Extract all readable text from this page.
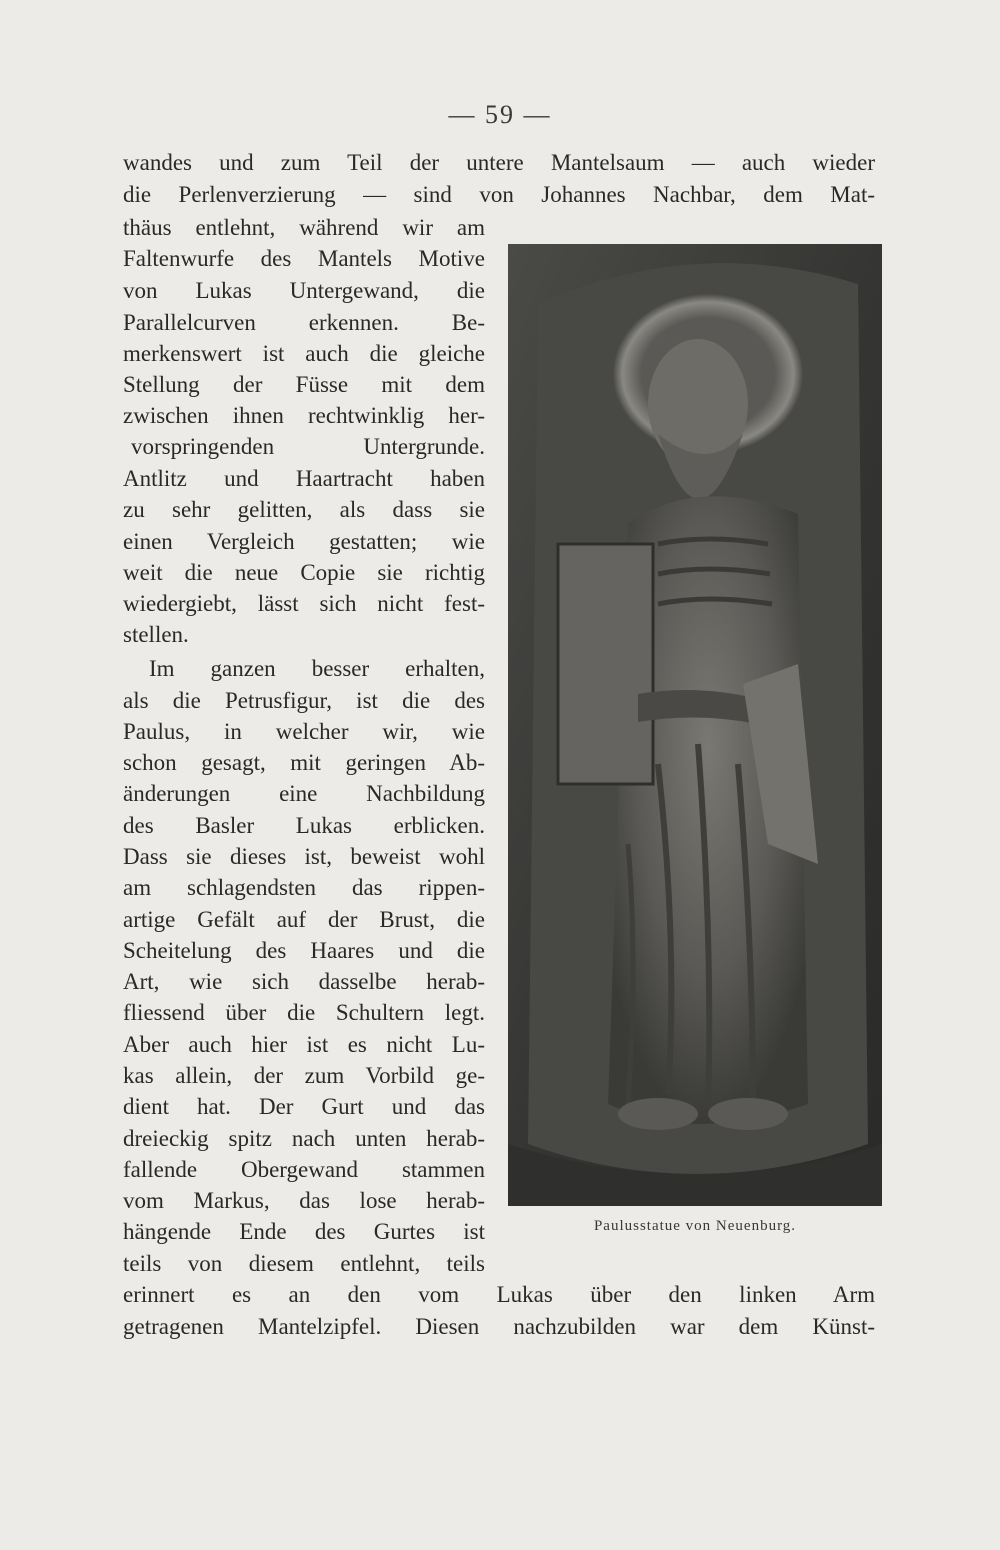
— 59 —
wandes und zum Teil der untere Mantelsaum — auch wieder
die Perlenverzierung — sind von Johannes Nachbar, dem Mat-
thäus entlehnt, während wir am
Faltenwurfe des Mantels Motive
von Lukas Untergewand, die
Parallelcurven erkennen. Be-
merkenswert ist auch die gleiche
Stellung der Füsse mit dem
zwischen ihnen rechtwinklig her-
vorspringenden Untergrunde.
Antlitz und Haartracht haben
zu sehr gelitten, als dass sie
einen Vergleich gestatten; wie
weit die neue Copie sie richtig
wiedergiebt, lässt sich nicht fest-
stellen.
Im ganzen besser erhalten,
als die Petrusfigur, ist die des
Paulus, in welcher wir, wie
schon gesagt, mit geringen Ab-
änderungen eine Nachbildung
des Basler Lukas erblicken.
Dass sie dieses ist, beweist wohl
am schlagendsten das rippen-
artige Gefält auf der Brust, die
Scheitelung des Haares und die
Art, wie sich dasselbe herab-
fliessend über die Schultern legt.
Aber auch hier ist es nicht Lu-
kas allein, der zum Vorbild ge-
dient hat. Der Gurt und das
dreieckig spitz nach unten herab-
fallende Obergewand stammen
vom Markus, das lose herab-
hängende Ende des Gurtes ist
teils von diesem entlehnt, teils
erinnert es an den vom Lukas über den linken Arm
getragenen Mantelzipfel. Diesen nachzubilden war dem Künst-
Paulusstatue von Neuenburg.
